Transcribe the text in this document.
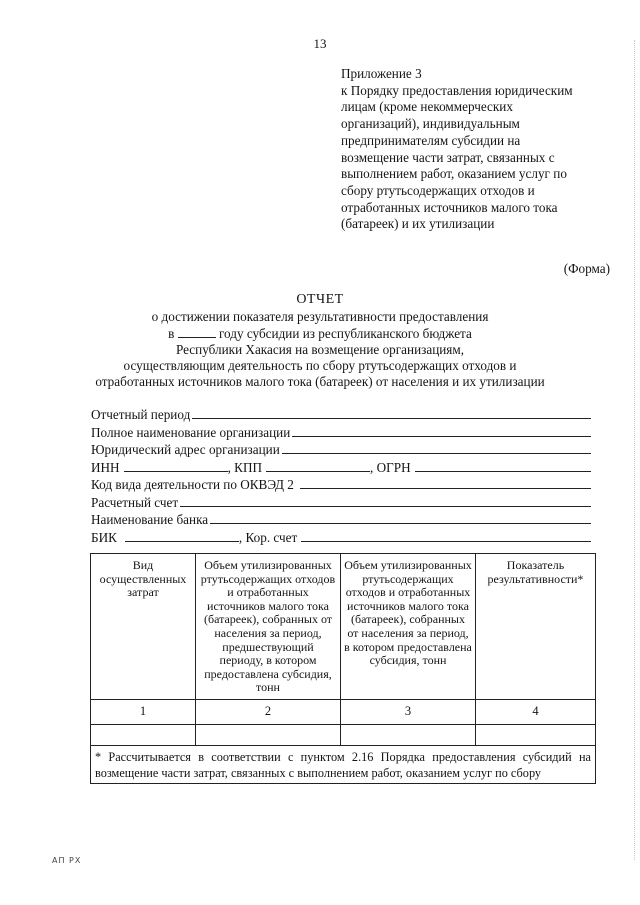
13
Приложение 3
к Порядку предоставления юридическим
лицам (кроме некоммерческих
организаций), индивидуальным
предпринимателям субсидии на
возмещение части затрат, связанных с
выполнением работ, оказанием услуг по
сбору ртутьсодержащих отходов и
отработанных источников малого тока
(батареек) и их утилизации
(Форма)
ОТЧЕТ
о достижении показателя результативности предоставления
в	году субсидии из республиканского бюджета
Республики Хакасия на возмещение организациям,
осуществляющим деятельность по сбору ртутьсодержащих отходов и
отработанных источников малого тока (батареек) от населения и их утилизации
Отчетный период
Полное наименование организации
Юридический адрес организации
ИНН	, КПП	, ОГРН
Код вида деятельности по ОКВЭД 2
Расчетный счет
Наименование банка
БИК	, Кор. счет
Вид осуществленных затрат	Объем утилизированных ртутьсодержащих отходов и отработанных источников малого тока (батареек), собранных от населения за период, предшествующий периоду, в котором предоставлена субсидия, тонн	Объем утилизированных ртутьсодержащих отходов и отработанных источников малого тока (батареек), собранных от населения за период, в котором предоставлена субсидия, тонн	Показатель результативности*
1	2	3	4

* Рассчитывается в соответствии с пунктом 2.16 Порядка предоставления субсидий на возмещение части затрат, связанных с выполнением работ, оказанием услуг по сбору			
АП РХ
